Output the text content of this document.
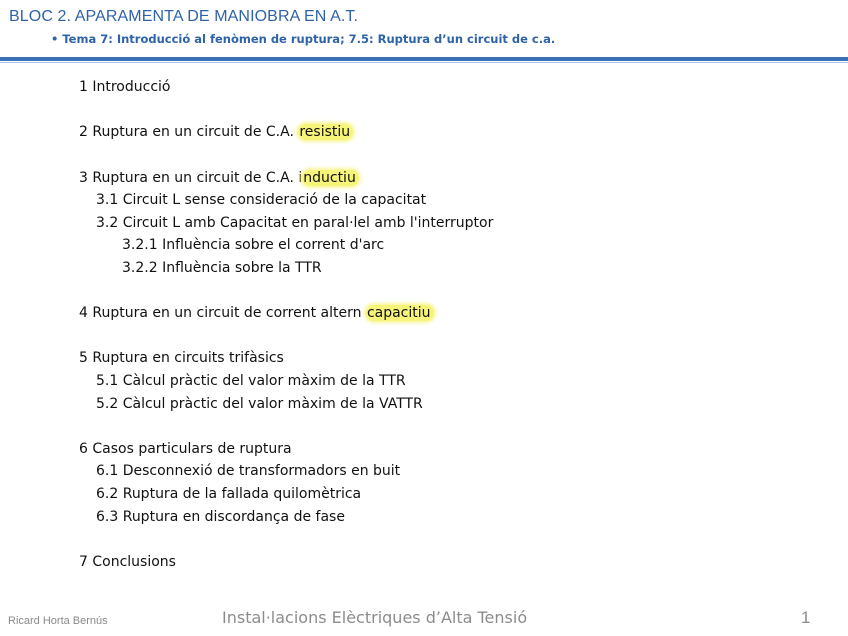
BLOC 2. APARAMENTA DE MANIOBRA EN A.T.
• Tema 7: Introducció al fenòmen de ruptura; 7.5: Ruptura d’un circuit de c.a.
1 Introducció
2 Ruptura en un circuit de C.A. resistiu
3 Ruptura en un circuit de C.A. inductiu
3.1 Circuit L sense consideració de la capacitat
3.2 Circuit L amb Capacitat en paral·lel amb l'interruptor
3.2.1 Influència sobre el corrent d'arc
3.2.2 Influència sobre la TTR
4 Ruptura en un circuit de corrent altern capacitiu
5 Ruptura en circuits trifàsics
5.1 Càlcul pràctic del valor màxim de la TTR
5.2 Càlcul pràctic del valor màxim de la VATTR
6 Casos particulars de ruptura
6.1 Desconnexió de transformadors en buit
6.2 Ruptura de la fallada quilomètrica
6.3 Ruptura en discordança de fase
7 Conclusions
Ricard Horta Bernús	Instal·lacions Elèctriques d’Alta Tensió	1
